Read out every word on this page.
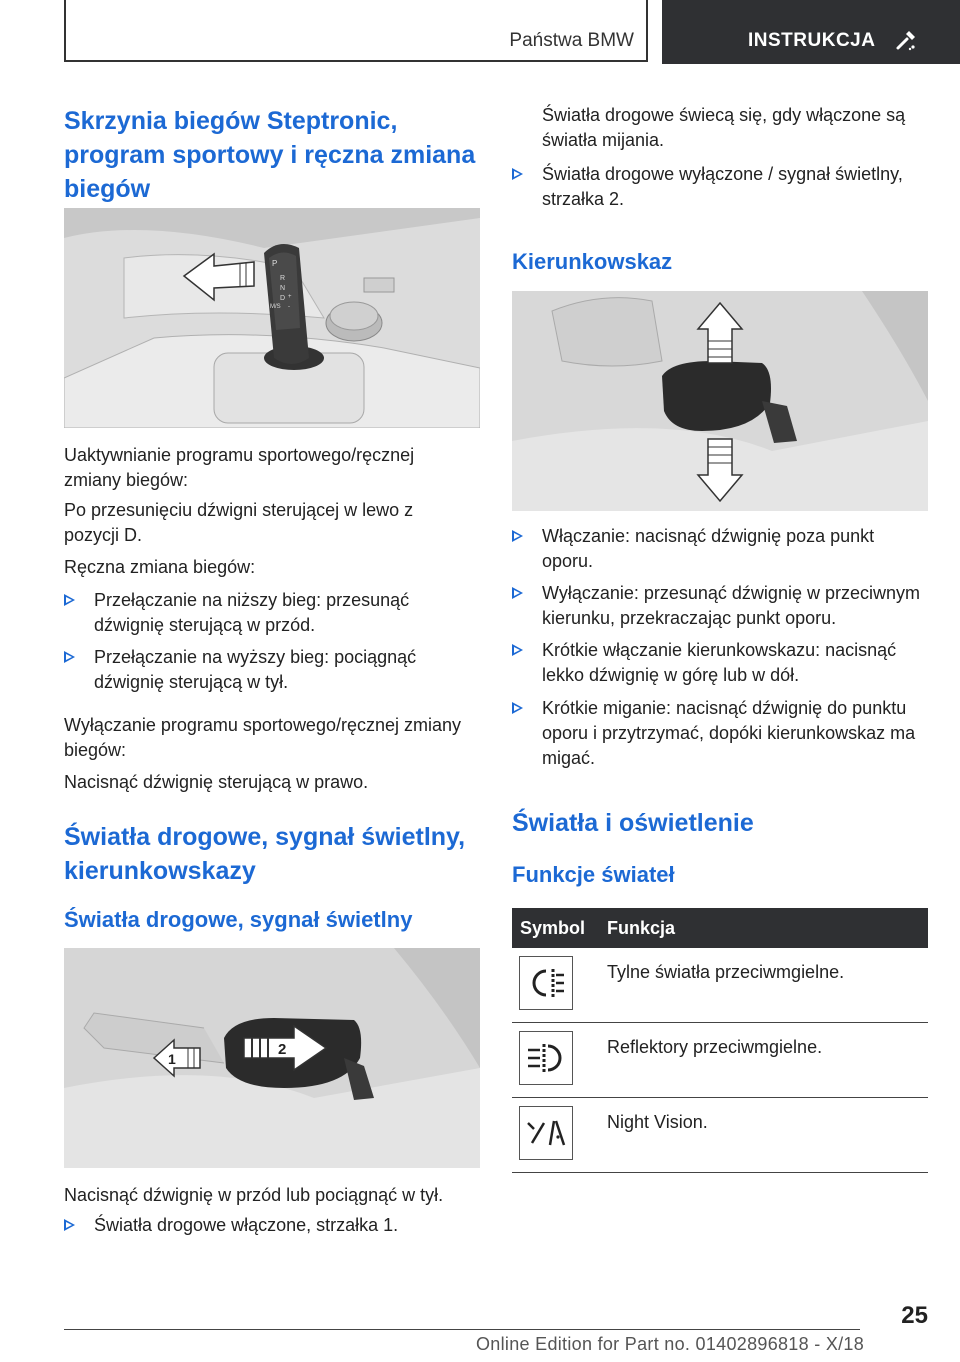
Państwa BMW	INSTRUKCJA
Skrzynia biegów Steptronic, program sportowy i ręczna zmiana biegów
P
R
N
D
M/S
+
-

Uaktywnianie programu sportowego/ręcznej zmiany biegów:

Po przesunięciu dźwigni sterującej w lewo z pozycji D.

Ręczna zmiana biegów:

Przełączanie na niższy bieg: przesunąć dźwignię sterującą w przód.
Przełączanie na wyższy bieg: pociągnąć dźwignię sterującą w tył.

Wyłączanie programu sportowego/ręcznej zmiany biegów:

Nacisnąć dźwignię sterującą w prawo.

Światła drogowe, sygnał świetlny, kierunkowskazy
Światła drogowe, sygnał świetlny
1
2

Nacisnąć dźwignię w przód lub pociągnąć w tył.

Światła drogowe włączone, strzałka 1.

Światła drogowe świecą się, gdy włączone są światła mijania.

Światła drogowe wyłączone / sygnał świetlny, strzałka 2.
Kierunkowskaz
Włączanie: nacisnąć dźwignię poza punkt oporu.
Wyłączanie: przesunąć dźwignię w przeciwnym kierunku, przekraczając punkt oporu.
Krótkie włączanie kierunkowskazu: nacisnąć lekko dźwignię w górę lub w dół.
Krótkie miganie: nacisnąć dźwignię do punktu oporu i przytrzymać, dopóki kierunkowskaz ma migać.
Światła i oświetlenie
Funkcje świateł
Symbol Funkcja
Tylne światła przeciwmgielne.
Reflektory przeciwmgielne.
Night Vision.
25
Online Edition for Part no. 01402896818 - X/18
